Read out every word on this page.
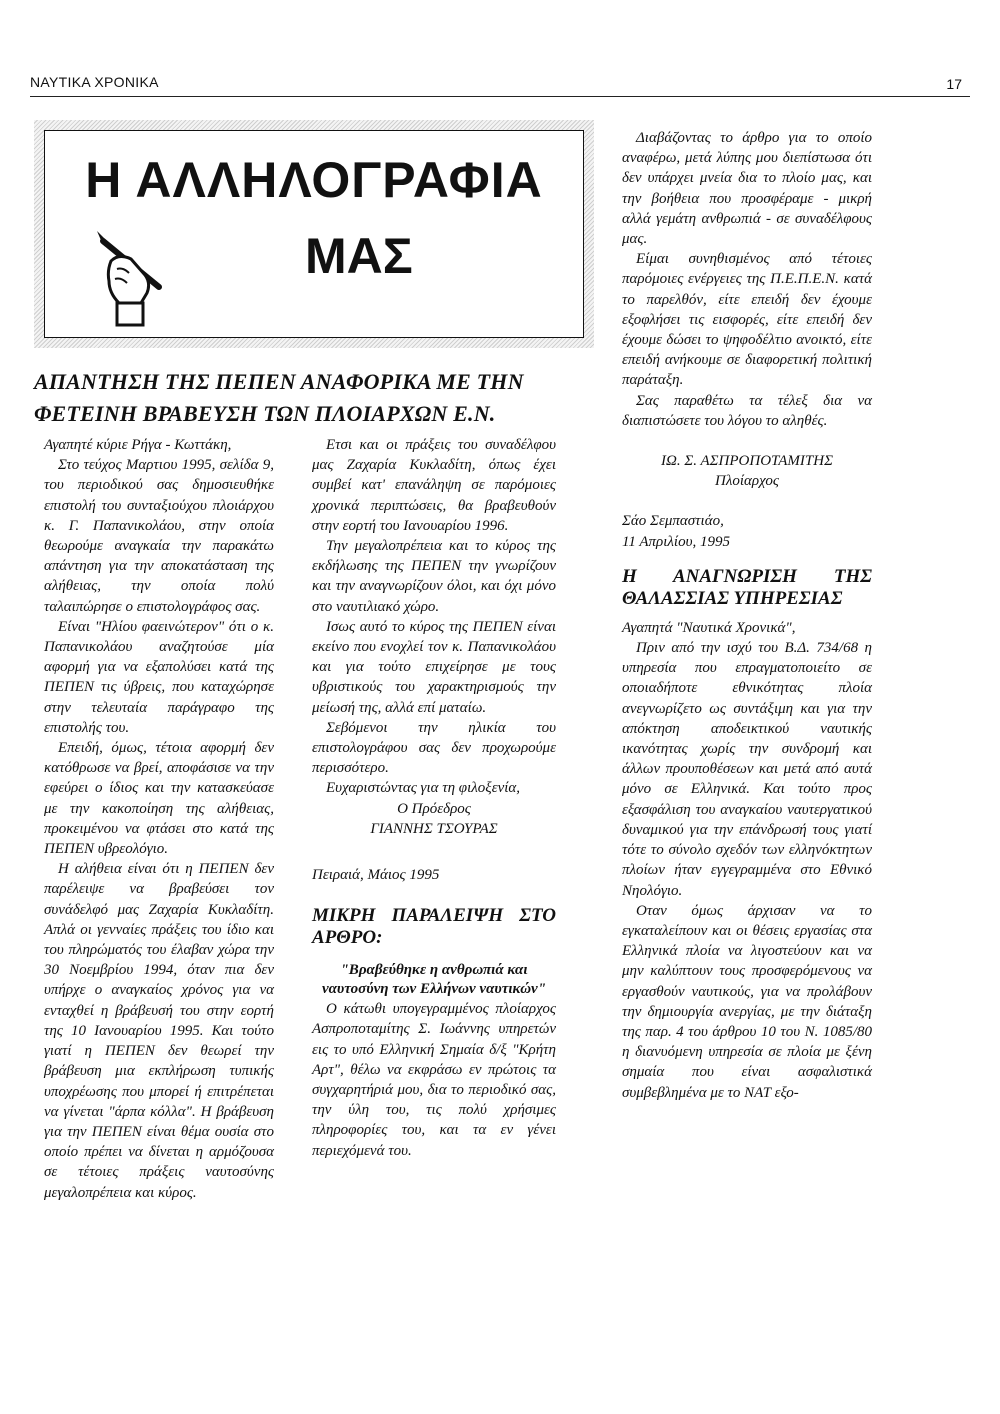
ΝΑΥΤΙΚΑ ΧΡΟΝΙΚΑ	17
Η ΑΛΛΗΛΟΓΡΑΦΙΑ
ΜΑΣ
ΑΠΑΝΤΗΣΗ ΤΗΣ ΠΕΠΕΝ ΑΝΑΦΟΡΙΚΑ ΜΕ ΤΗΝ ΦΕΤΕΙΝΗ ΒΡΑΒΕΥΣΗ ΤΩΝ ΠΛΟΙΑΡΧΩΝ Ε.Ν.

Αγαπητέ κύριε Ρήγα - Κωττάκη,

Στο τεύχος Μαρτιου 1995, σελίδα 9, του περιοδικού σας δημοσιευθήκε επιστολή του συνταξιούχου πλοιάρχου κ. Γ. Παπανικολάου, στην οποία θεωρούμε αναγκαία την παρακάτω απάντηση για την αποκατάσταση της αλήθειας, την οποία πολύ ταλαιπώρησε ο επιστολογράφος σας.

Είναι "Ηλίου φαεινώτερον" ότι ο κ. Παπανικολάου αναζητούσε μία αφορμή για να εξαπολύσει κατά της ΠΕΠΕΝ τις ύβρεις, που καταχώρησε στην τελευταία παράγραφο της επιστολής του.

Επειδή, όμως, τέτοια αφορμή δεν κατόθρωσε να βρεί, αποφάσισε να την εφεύρει ο ίδιος και την κατασκεύασε με την κακοποίηση της αλήθειας, προκειμένου να φτάσει στο κατά της ΠΕΠΕΝ υβρεολόγιο.

Η αλήθεια είναι ότι η ΠΕΠΕΝ δεν παρέλειψε να βραβεύσει τον συνάδελφό μας Ζαχαρία Κυκλαδίτη. Απλά οι γενναίες πράξεις του ίδιο και του πληρώματός του έλαβαν χώρα την 30 Νοεμβρίου 1994, όταν πια δεν υπήρχε ο αναγκαίος χρόνος για να ενταχθεί η βράβευσή του στην εορτή της 10 Ιανουαρίου 1995. Και τούτο γιατί η ΠΕΠΕΝ δεν θεωρεί την βράβευση μια εκπλήρωση τυπικής υποχρέωσης που μπορεί ή επιτρέπεται να γίνεται "άρπα κόλλα". Η βράβευση για την ΠΕΠΕΝ είναι θέμα ουσία στο οποίο πρέπει να δίνεται η αρμόζουσα σε τέτοιες πράξεις ναυτοσύνης μεγαλοπρέπεια και κύρος.

Ετσι και οι πράξεις του συναδέλφου μας Ζαχαρία Κυκλαδίτη, όπως έχει συμβεί κατ' επανάληψη σε παρόμοιες χρονικά περιπτώσεις, θα βραβευθούν στην εορτή του Ιανουαρίου 1996.

Την μεγαλοπρέπεια και το κύρος της εκδήλωσης της ΠΕΠΕΝ την γνωρίζουν και την αναγνωρίζουν όλοι, και όχι μόνο στο ναυτιλιακό χώρο.

Ισως αυτό το κύρος της ΠΕΠΕΝ είναι εκείνο που ενοχλεί τον κ. Παπανικολάου και για τούτο επιχείρησε με τους υβριστικούς του χαρακτηρισμούς την μείωσή της, αλλά επί ματαίω.

Σεβόμενοι την ηλικία του επιστολογράφου σας δεν προχωρούμε περισσότερο.

Ευχαριστώντας για τη φιλοξενία,

Ο Πρόεδρος

ΓΙΑΝΝΗΣ ΤΣΟΥΡΑΣ

Πειραιά, Μάιος 1995

ΜΙΚΡΗ ΠΑΡΑΛΕΙΨΗ ΣΤΟ ΑΡΘΡΟ:

"Βραβεύθηκε η ανθρωπιά και ναυτοσύνη των Ελλήνων ναυτικών"

Ο κάτωθι υπογεγραμμένος πλοίαρχος Ασπροποταμίτης Σ. Ιωάννης υπηρετών εις το υπό Ελληνική Σημαία δ/ξ "Κρήτη Αρτ", θέλω να εκφράσω εν πρώτοις τα συγχαρητήριά μου, δια το περιοδικό σας, την ύλη του, τις πολύ χρήσιμες πληροφορίες του, και τα εν γένει περιεχόμενά του.

Διαβάζοντας το άρθρο για το οποίο αναφέρω, μετά λύπης μου διεπίστωσα ότι δεν υπάρχει μνεία δια το πλοίο μας, και την βοήθεια που προσφέραμε - μικρή αλλά γεμάτη ανθρωπιά - σε συναδέλφους μας.

Είμαι συνηθισμένος από τέτοιες παρόμοιες ενέργειες της Π.Ε.Π.Ε.Ν. κατά το παρελθόν, είτε επειδή δεν έχουμε εξοφλήσει τις εισφορές, είτε επειδή δεν έχουμε δώσει το ψηφοδέλτιο ανοικτό, είτε επειδή ανήκουμε σε διαφορετική πολιτική παράταξη.

Σας παραθέτω τα τέλεξ δια να διαπιστώσετε του λόγου το αληθές.

ΙΩ. Σ. ΑΣΠΡΟΠΟΤΑΜΙΤΗΣ

Πλοίαρχος

Σάο Σεμπαστιάο,

11 Απριλίου, 1995

Η ΑΝΑΓΝΩΡΙΣΗ ΤΗΣ ΘΑΛΑΣΣΙΑΣ ΥΠΗΡΕΣΙΑΣ

Αγαπητά "Ναυτικά Χρονικά",

Πριν από την ισχύ του Β.Δ. 734/68 η υπηρεσία που επραγματοποιείτο σε οποιαδήποτε εθνικότητας πλοία ανεγνωρίζετο ως συντάξιμη και για την απόκτηση αποδεικτικού ναυτικής ικανότητας χωρίς την συνδρομή και άλλων προυποθέσεων και μετά από αυτά μόνο σε Ελληνικά. Και τούτο προς εξασφάλιση του αναγκαίου ναυτεργατικού δυναμικού για την επάνδρωσή τους γιατί τότε το σύνολο σχεδόν των ελληνόκτητων πλοίων ήταν εγγεγραμμένα στο Εθνικό Νηολόγιο.

Οταν όμως άρχισαν να το εγκαταλείπουν και οι θέσεις εργασίας στα Ελληνικά πλοία να λιγοστεύουν και να μην καλύπτουν τους προσφερόμενους να εργασθούν ναυτικούς, για να προλάβουν την δημιουργία ανεργίας, με την διάταξη της παρ. 4 του άρθρου 10 του Ν. 1085/80 η διανυόμενη υπηρεσία σε πλοία με ξένη σημαία που είναι ασφαλιστικά συμβεβλημένα με το ΝΑΤ εξο-
